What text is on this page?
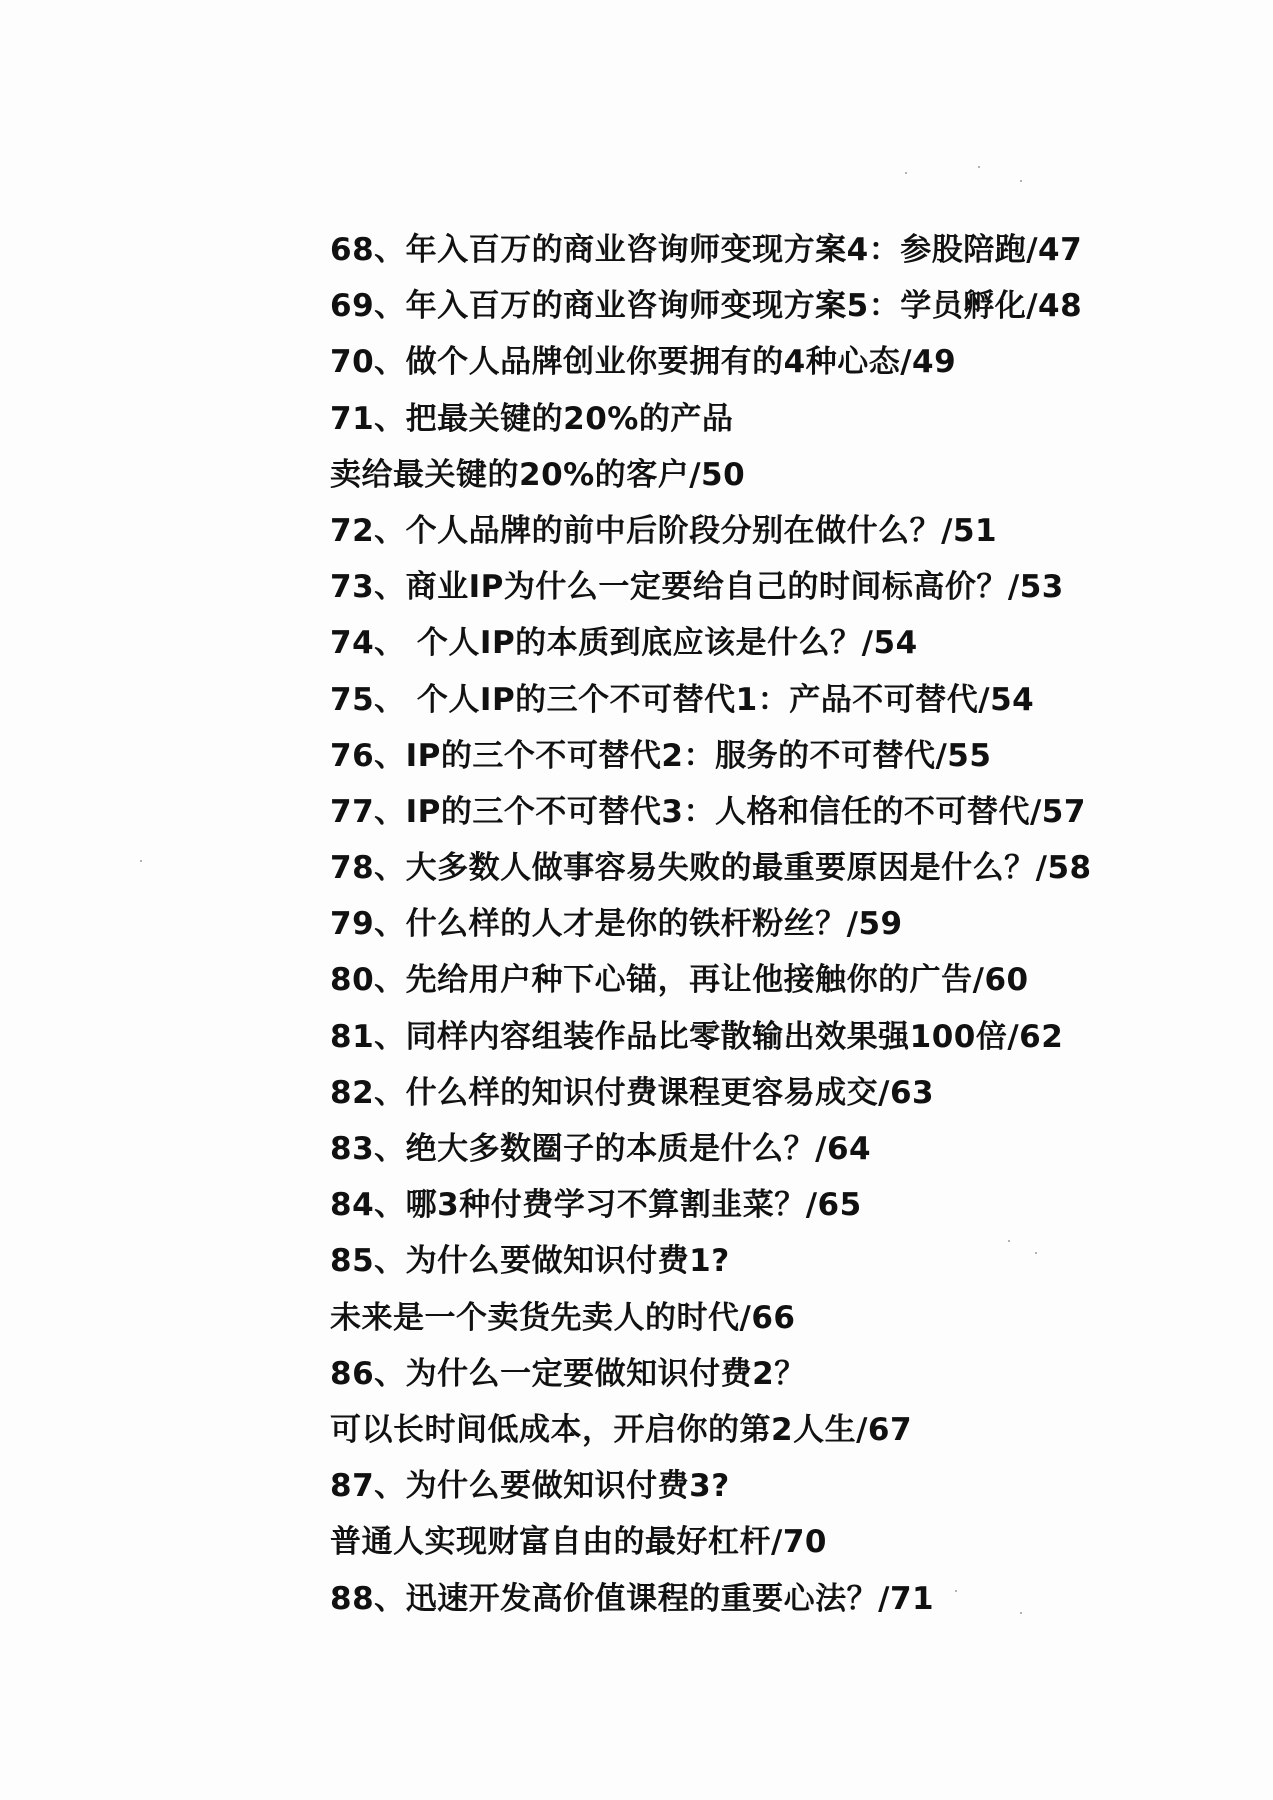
68、年入百万的商业咨询师变现方案4：参股陪跑/47
69、年入百万的商业咨询师变现方案5：学员孵化/48
70、做个人品牌创业你要拥有的4种心态/49
71、把最关键的20%的产品
卖给最关键的20%的客户/50
72、个人品牌的前中后阶段分别在做什么？/51
73、商业IP为什么一定要给自己的时间标高价？/53
74、 个人IP的本质到底应该是什么？/54
75、 个人IP的三个不可替代1：产品不可替代/54
76、IP的三个不可替代2：服务的不可替代/55
77、IP的三个不可替代3：人格和信任的不可替代/57
78、大多数人做事容易失败的最重要原因是什么？/58
79、什么样的人才是你的铁杆粉丝？/59
80、先给用户种下心锚，再让他接触你的广告/60
81、同样内容组装作品比零散输出效果强100倍/62
82、什么样的知识付费课程更容易成交/63
83、绝大多数圈子的本质是什么？/64
84、哪3种付费学习不算割韭菜？/65
85、为什么要做知识付费1?
未来是一个卖货先卖人的时代/66
86、为什么一定要做知识付费2？
可以长时间低成本，开启你的第2人生/67
87、为什么要做知识付费3?
普通人实现财富自由的最好杠杆/70
88、迅速开发高价值课程的重要心法？/71
